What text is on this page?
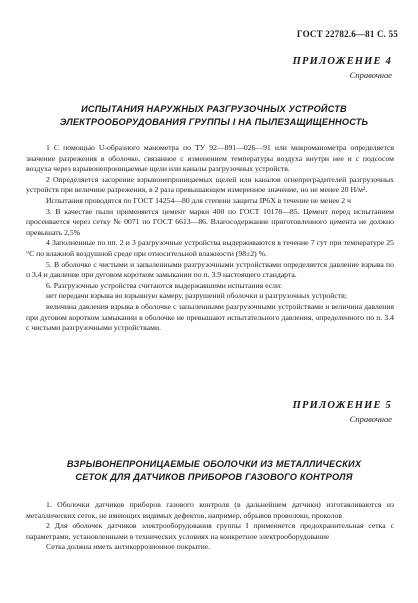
ГОСТ 22782.6—81 С. 55
ПРИЛОЖЕНИЕ 4
Справочное
ИСПЫТАНИЯ НАРУЖНЫХ РАЗГРУЗОЧНЫХ УСТРОЙСТВ
ЭЛЕКТРООБОРУДОВАНИЯ ГРУППЫ I НА ПЫЛЕЗАЩИЩЕННОСТЬ

1 С помощью U-образного манометра по ТУ 92—891—026—91 или микроманометра определяется значение разрежения в оболочке, связанное с изменением температуры воздуха внутри нее и с подсосом воздуха через взрывонепроницаемые щели или каналы разгрузочных устройств.

2 Определяется засорение взрывонепроницаемых щелей или каналов огнепреградителей разгрузочных устройств при величине разрежения, в 2 раза превышающем измеренное значение, но не менее 20 Н/м².

Испытания проводятся по ГОСТ 14254—80 для степени защиты IP6X в течение не менее 2 ч

3. В качестве пыли применяется цемент марки 400 по ГОСТ 10178—85. Цемент перед испытанием просеивается через сетку № 0071 по ГОСТ 6613—86. Влагосодержание приготовленного цемента не должно превышать 2,5%

4 Заполненные по пп. 2 и 3 разгрузочные устройства выдерживаются в течение 7 сут при температуре 25 °С по влажной воздушной среде при относительной влажности (98±2) %.

5. В оболочке с чистыми и запыленными разгрузочными устройствами определяется давление взрыва по п 3.4 и давление при дуговом коротком замыкании по п. 3.9 настоящего стандарта.

6. Разгрузочные устройства считаются выдержавшими испытания если:

нет передачи взрыва во взрывную камеру, разрушений оболочки и разгрузочных устройств;

величина давления взрыва в оболочке с запыленными разгрузочными устройствами и величина давления при дуговом коротком замыкании в оболочке не превышают испытательного давления, определенного по п. 3.4 с чистыми разгрузочными устройствами.

ПРИЛОЖЕНИЕ 5
Справочное
ВЗРЫВОНЕПРОНИЦАЕМЫЕ ОБОЛОЧКИ ИЗ МЕТАЛЛИЧЕСКИХ
СЕТОК ДЛЯ ДАТЧИКОВ ПРИБОРОВ ГАЗОВОГО КОНТРОЛЯ

1. Оболочки датчиков приборов газового контроля (в дальнейшем датчики) изготавливаются из металлических сеток, не имеющих видимых дефектов, например, обрывов проволоки, проколов

2 Для оболочек датчиков электрооборудования группы I применяется предохранительная сетка с параметрами, установленными в технических условиях на конкретное электрооборудование

Сетка должна иметь антикоррозионное покрытие.
